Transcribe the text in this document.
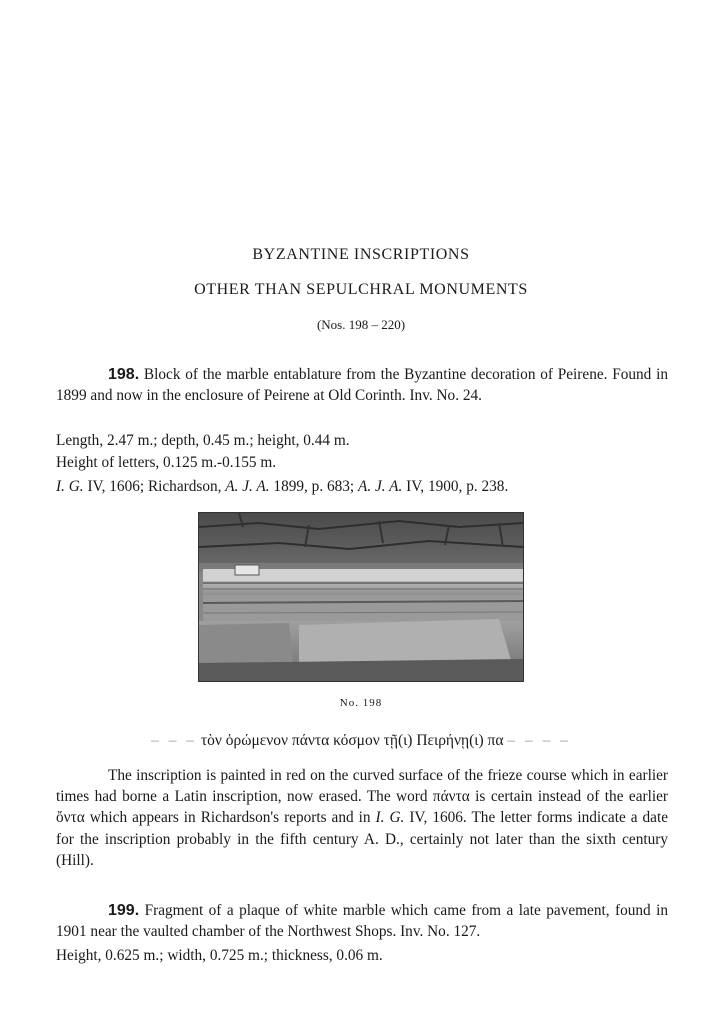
BYZANTINE INSCRIPTIONS
OTHER THAN SEPULCHRAL MONUMENTS
(Nos. 198 – 220)
198. Block of the marble entablature from the Byzantine decoration of Peirene. Found in 1899 and now in the enclosure of Peirene at Old Corinth. Inv. No. 24.
Length, 2.47 m.; depth, 0.45 m.; height, 0.44 m.
Height of letters, 0.125 m.-0.155 m.
I. G. IV, 1606; Richardson, A. J. A. 1899, p. 683; A. J. A. IV, 1900, p. 238.
No. 198
– – – τὸν ὁρώμενον πάντα κόσμον τῇ(ι) Πειρήνῃ(ι) πα – – – –
The inscription is painted in red on the curved surface of the frieze course which in earlier times had borne a Latin inscription, now erased. The word πάντα is certain instead of the earlier ὄντα which appears in Richardson's reports and in I. G. IV, 1606. The letter forms indicate a date for the inscription probably in the fifth century A. D., certainly not later than the sixth century (Hill).
199. Fragment of a plaque of white marble which came from a late pavement, found in 1901 near the vaulted chamber of the Northwest Shops. Inv. No. 127.
Height, 0.625 m.; width, 0.725 m.; thickness, 0.06 m.
